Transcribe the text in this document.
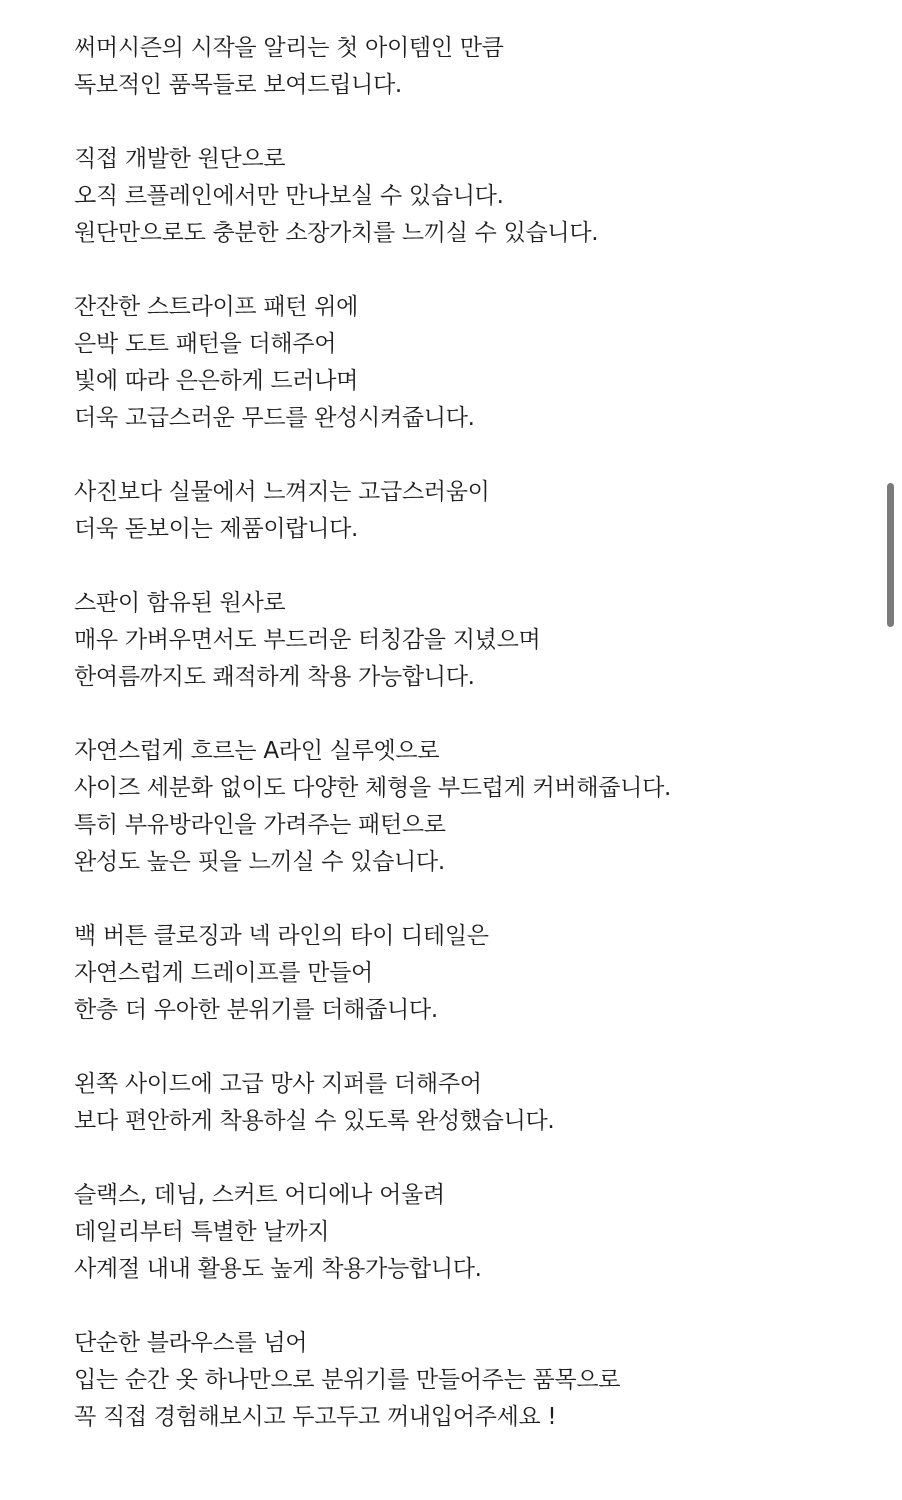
써머시즌의 시작을 알리는 첫 아이템인 만큼
독보적인 품목들로 보여드립니다.
직접 개발한 원단으로
오직 르플레인에서만 만나보실 수 있습니다.
원단만으로도 충분한 소장가치를 느끼실 수 있습니다.
잔잔한 스트라이프 패턴 위에
은박 도트 패턴을 더해주어
빛에 따라 은은하게 드러나며
더욱 고급스러운 무드를 완성시켜줍니다.
사진보다 실물에서 느껴지는 고급스러움이
더욱 돋보이는 제품이랍니다.
스판이 함유된 원사로
매우 가벼우면서도 부드러운 터칭감을 지녔으며
한여름까지도 쾌적하게 착용 가능합니다.
자연스럽게 흐르는 A라인 실루엣으로
사이즈 세분화 없이도 다양한 체형을 부드럽게 커버해줍니다.
특히 부유방라인을 가려주는 패턴으로
완성도 높은 핏을 느끼실 수 있습니다.
백 버튼 클로징과 넥 라인의 타이 디테일은
자연스럽게 드레이프를 만들어
한층 더 우아한 분위기를 더해줍니다.
왼쪽 사이드에 고급 망사 지퍼를 더해주어
보다 편안하게 착용하실 수 있도록 완성했습니다.
슬랙스, 데님, 스커트 어디에나 어울려
데일리부터 특별한 날까지
사계절 내내 활용도 높게 착용가능합니다.
단순한 블라우스를 넘어
입는 순간 옷 하나만으로 분위기를 만들어주는 품목으로
꼭 직접 경험해보시고 두고두고 꺼내입어주세요 !
